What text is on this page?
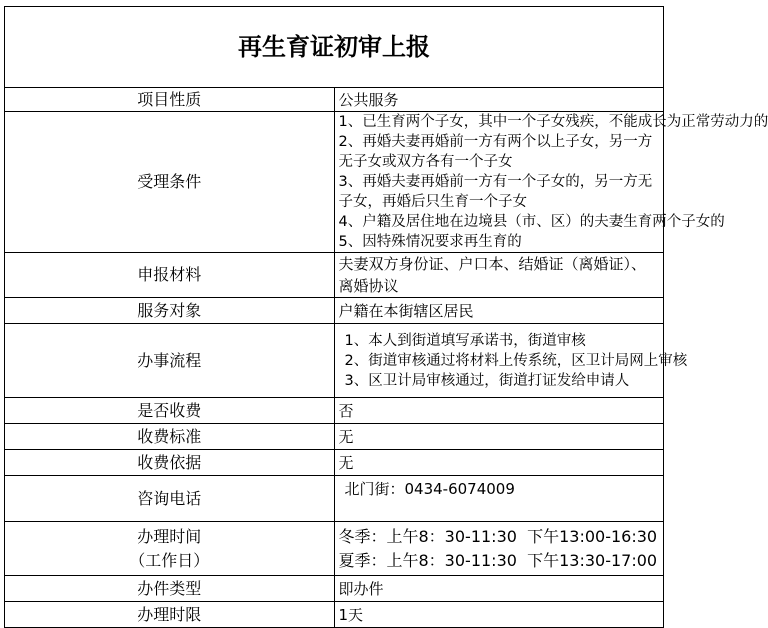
再生育证初审上报	
项目性质	公共服务
受理条件	1、已生育两个子女，其中一个子女残疾，不能成长为正常劳动力的
2、再婚夫妻再婚前一方有两个以上子女，另一方无子女或双方各有一个子女
3、再婚夫妻再婚前一方有一个子女的，另一方无子女，再婚后只生育一个子女
4、户籍及居住地在边境县（市、区）的夫妻生育两个子女的
5、因特殊情况要求再生育的

申报材料	夫妻双方身份证、户口本、结婚证（离婚证）、离婚协议
服务对象	户籍在本街辖区居民
办事流程	1、本人到街道填写承诺书，街道审核
2、街道审核通过将材料上传系统，区卫计局网上审核
3、区卫计局审核通过，街道打证发给申请人

是否收费	否
收费标准	无
收费依据	无
咨询电话	北门街：0434-6074009

办理时间
（工作日）	冬季：上午8：30-11:30  下午13:00-16:30
夏季：上午8：30-11:30  下午13:30-17:00

办件类型	即办件
办理时限	1天
